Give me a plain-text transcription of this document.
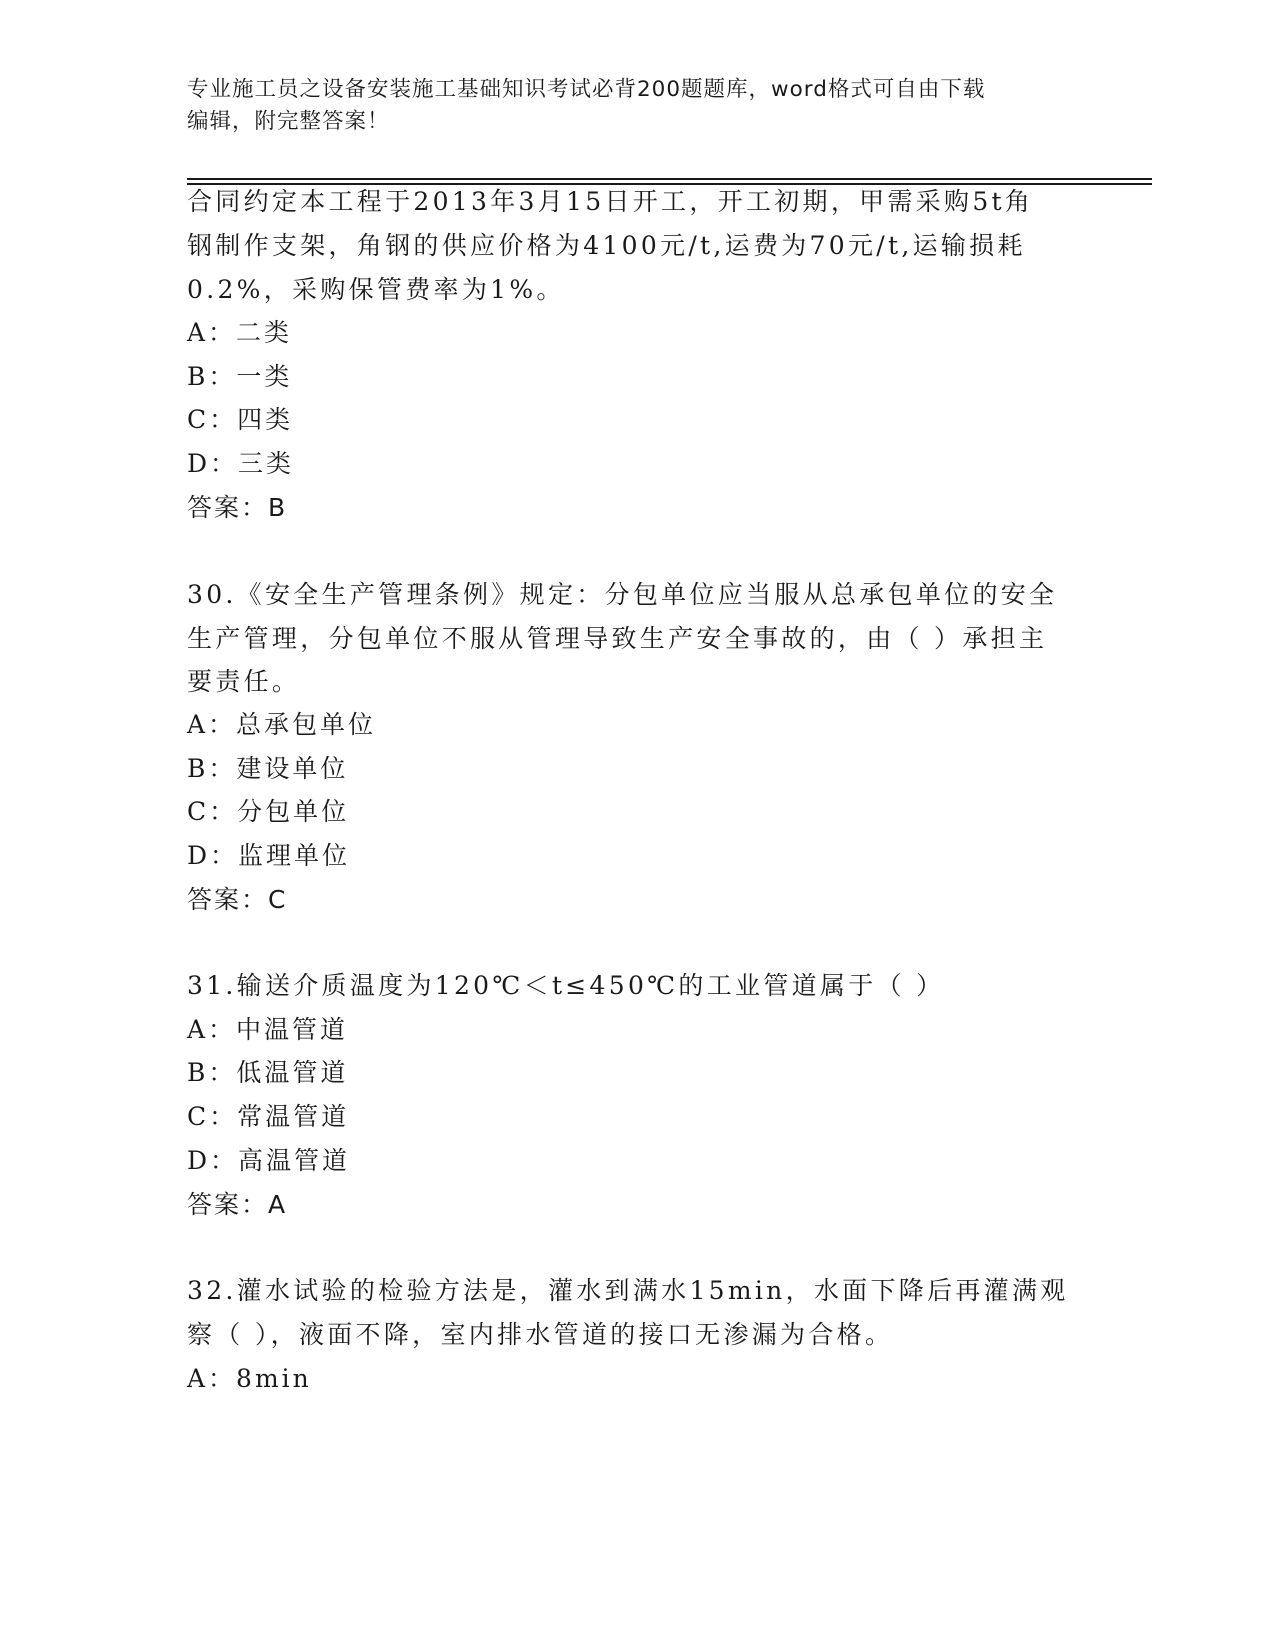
专业施工员之设备安装施工基础知识考试必背200题题库，word格式可自由下载
编辑，附完整答案！
合同约定本工程于2013年3月15日开工，开工初期，甲需采购5t角
钢制作支架，角钢的供应价格为4100元/t,运费为70元/t,运输损耗
0.2%，采购保管费率为1%。
A：二类
B：一类
C：四类
D：三类
答案：B
30.《安全生产管理条例》规定：分包单位应当服从总承包单位的安全
生产管理，分包单位不服从管理导致生产安全事故的，由（ ）承担主
要责任。
A：总承包单位
B：建设单位
C：分包单位
D：监理单位
答案：C
31.输送介质温度为120℃＜t≤450℃的工业管道属于（ ）
A：中温管道
B：低温管道
C：常温管道
D：高温管道
答案：A
32.灌水试验的检验方法是，灌水到满水15min，水面下降后再灌满观
察（ ），液面不降，室内排水管道的接口无渗漏为合格。
A：8min
